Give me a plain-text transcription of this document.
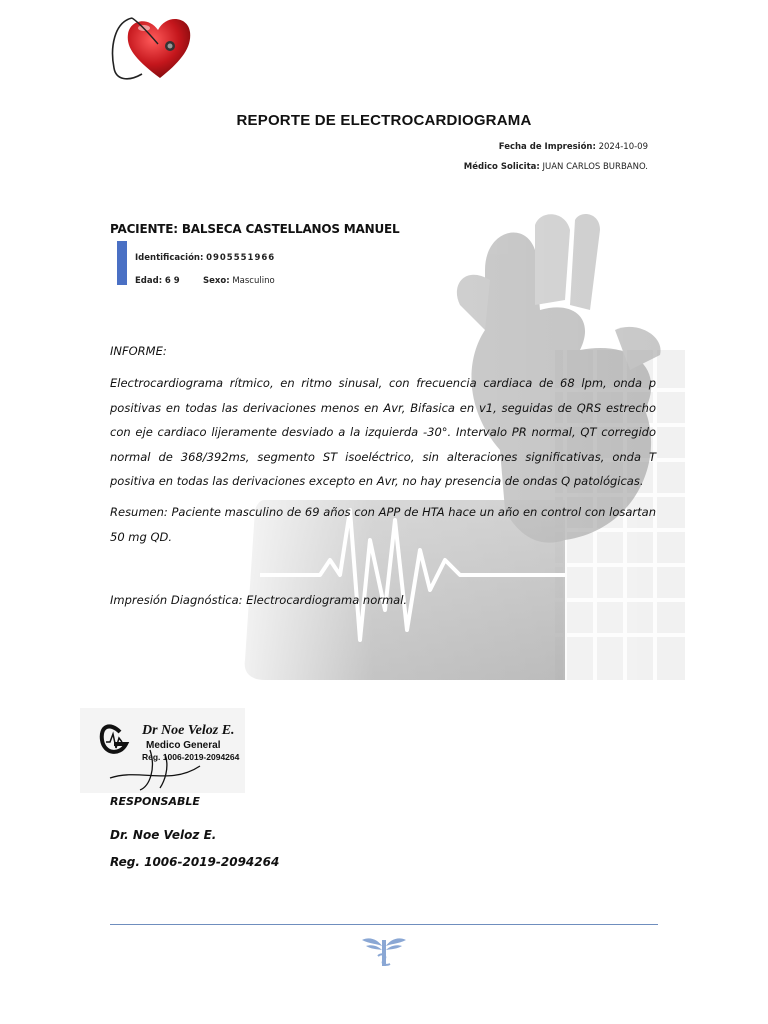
REPORTE DE ELECTROCARDIOGRAMA
Fecha de Impresión: 2024-10-09
Médico Solicita: JUAN CARLOS BURBANO.
PACIENTE: BALSECA CASTELLANOS MANUEL
Identificación: 0905551966
Edad: 6 9	Sexo: Masculino
INFORME:
Electrocardiograma rítmico, en ritmo sinusal, con frecuencia cardiaca de 68 lpm, onda p positivas en todas las derivaciones menos en Avr, Bifasica en v1, seguidas de QRS estrecho con eje cardiaco lijeramente desviado a la izquierda -30°. Intervalo PR normal, QT corregido normal de 368/392ms, segmento ST isoeléctrico, sin alteraciones significativas, onda T positiva en todas las derivaciones excepto en Avr, no hay presencia de ondas Q patológicas.
Resumen: Paciente masculino de 69 años con APP de HTA hace un año en control con losartan 50 mg QD.
Impresión Diagnóstica: Electrocardiograma normal.
Dr Noe Veloz E.
Medico General
Reg. 1006-2019-2094264
RESPONSABLE
Dr. Noe Veloz E.
Reg. 1006-2019-2094264
